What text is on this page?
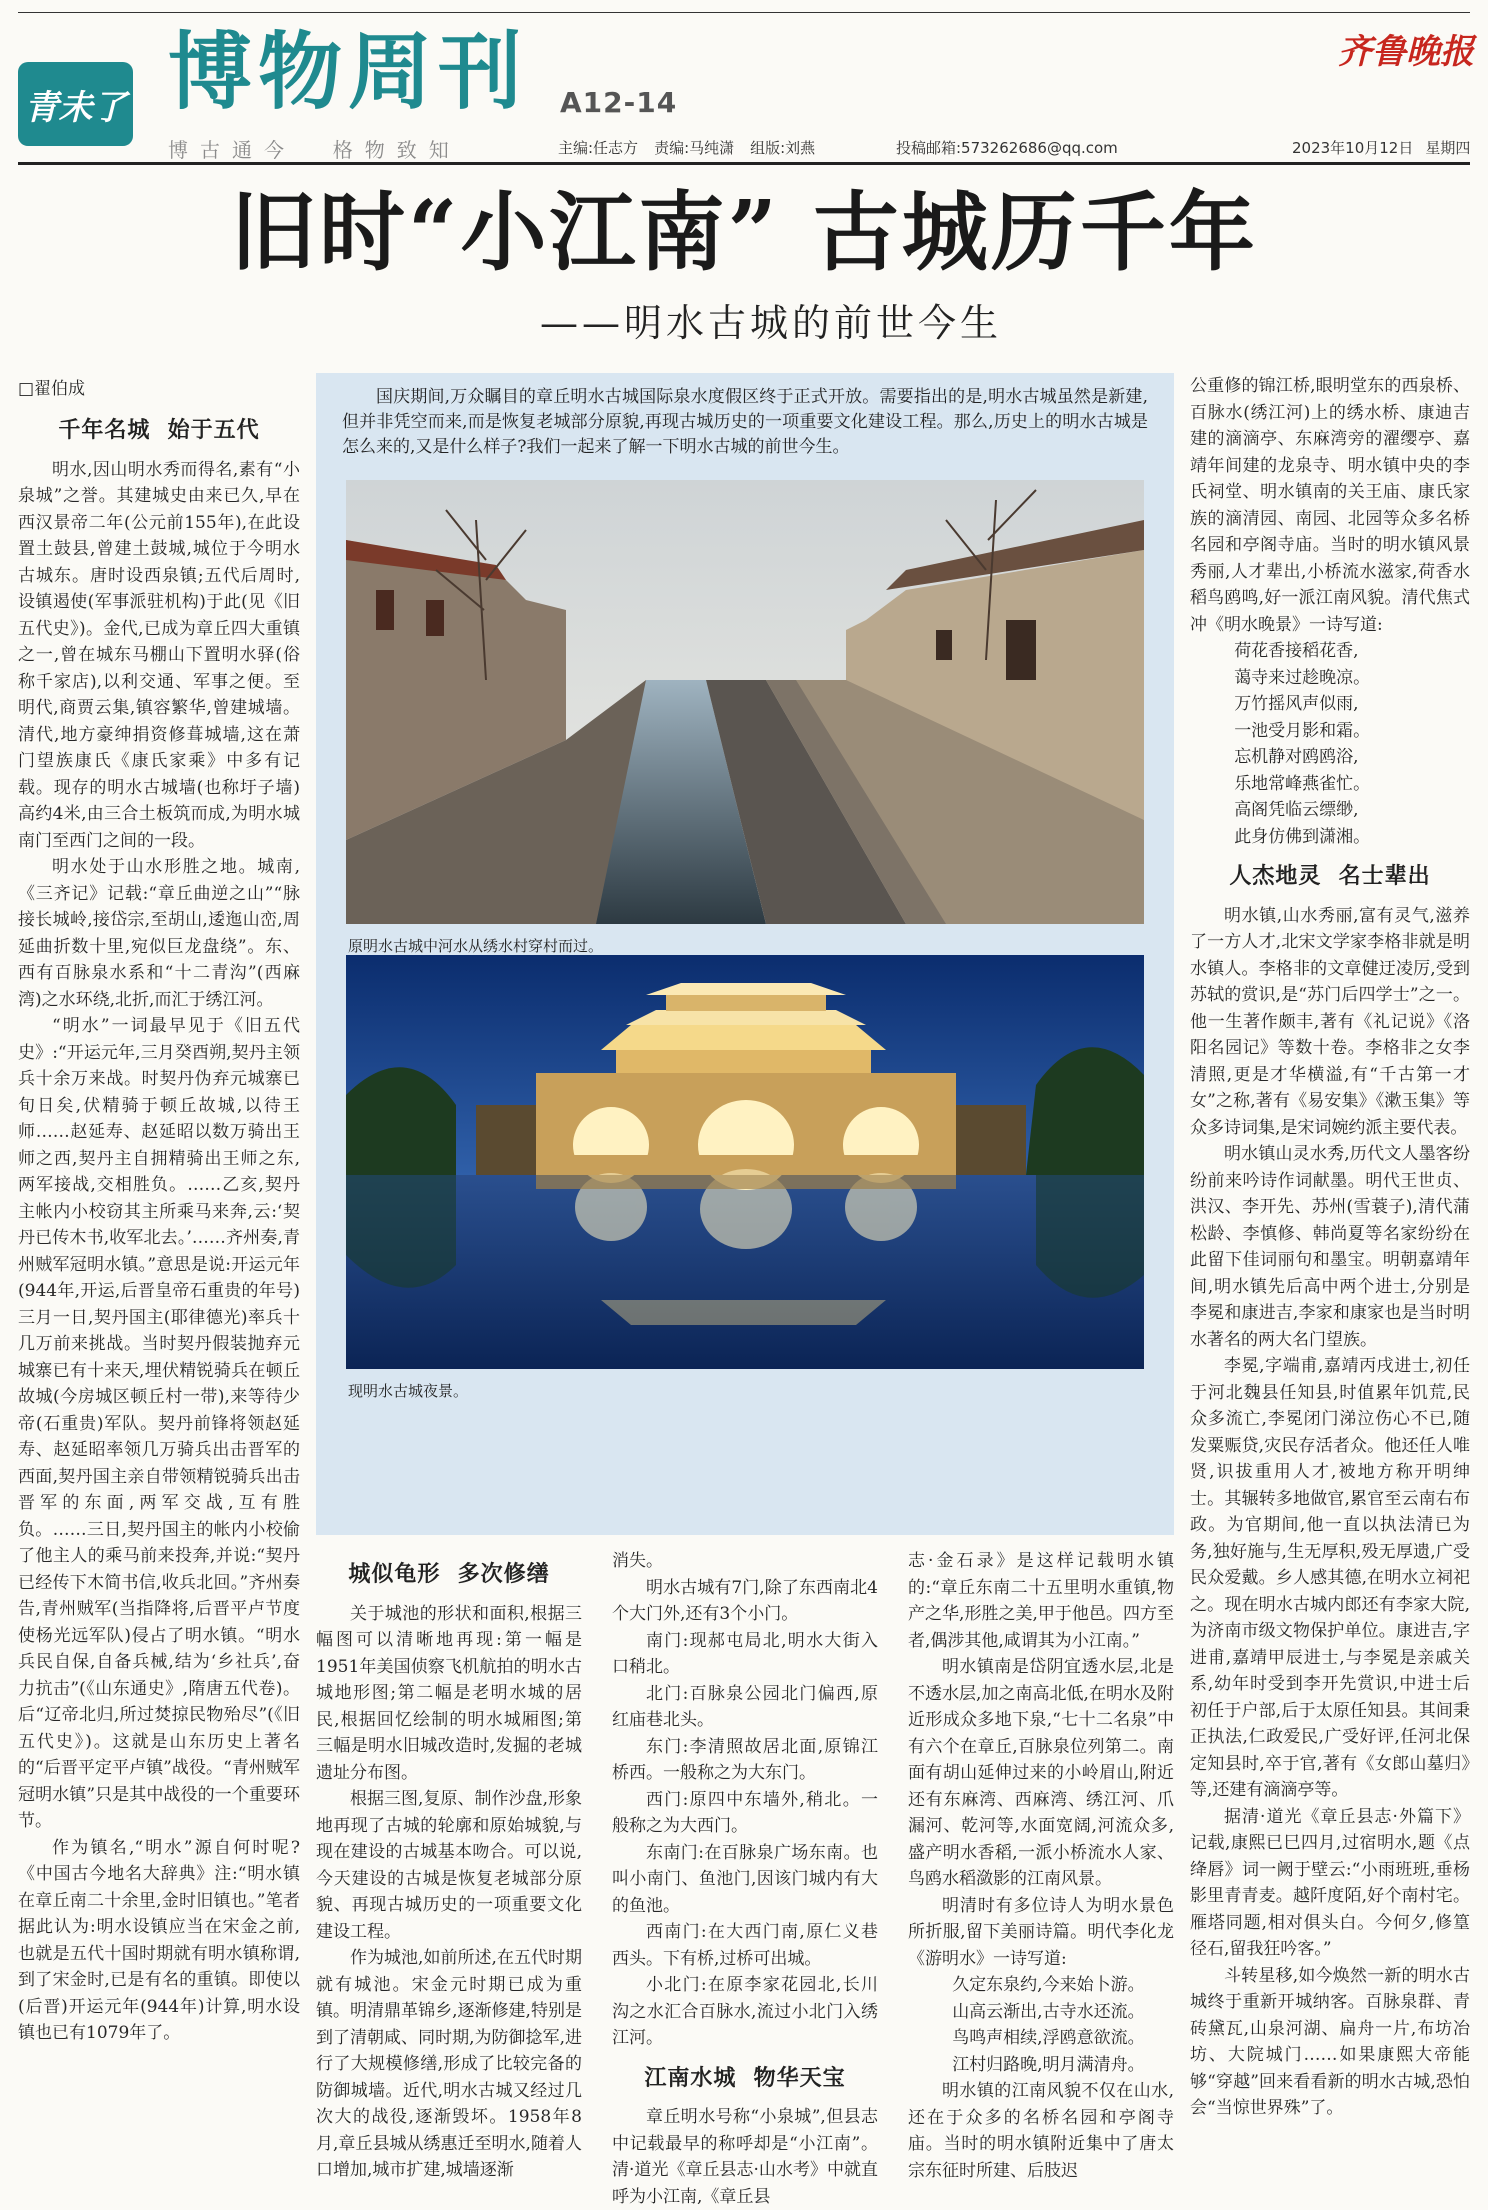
青未了 博物周刊 A12-14
博古通今  格物致知
齐鲁晚报
主编:任志方 责编:马纯潇 组版:刘燕	投稿邮箱:573262686@qq.com	2023年10月12日 星期四
旧时“小江南” 古城历千年
——明水古城的前世今生
□翟伯成	国庆期间,万众瞩目的章丘明水古城国际泉水度假区终于正式开放。需要指出的是,明水古城虽然是新建,但并非凭空而来,而是恢复老城部分原貌,再现古城历史的一项重要文化建设工程。那么,历史上的明水古城是怎么来的,又是什么样子?我们一起来了解一下明水古城的前世今生。
原明水古城中河水从绣水村穿村而过。
现明水古城夜景。
千年名城  始于五代

明水,因山明水秀而得名,素有“小泉城”之誉。其建城史由来已久,早在西汉景帝二年(公元前155年),在此设置土鼓县,曾建土鼓城,城位于今明水古城东。唐时设西泉镇;五代后周时,设镇遏使(军事派驻机构)于此(见《旧五代史》)。金代,已成为章丘四大重镇之一,曾在城东马棚山下置明水驿(俗称千家店),以利交通、军事之便。至明代,商贾云集,镇容繁华,曾建城墙。清代,地方豪绅捐资修葺城墙,这在萧门望族康氏《康氏家乘》中多有记载。现存的明水古城墙(也称圩子墙)高约4米,由三合土板筑而成,为明水城南门至西门之间的一段。

明水处于山水形胜之地。城南,《三齐记》记载:“章丘曲逆之山”“脉接长城岭,接岱宗,至胡山,逶迤山峦,周延曲折数十里,宛似巨龙盘绕”。东、西有百脉泉水系和“十二青沟”(西麻湾)之水环绕,北折,而汇于绣江河。

“明水”一词最早见于《旧五代史》:“开运元年,三月癸酉朔,契丹主领兵十余万来战。时契丹伪弃元城寨已旬日矣,伏精骑于顿丘故城,以待王师……赵延寿、赵延昭以数万骑出王师之西,契丹主自拥精骑出王师之东,两军接战,交相胜负。……乙亥,契丹主帐内小校窃其主所乘马来奔,云:‘契丹已传木书,收军北去。’……齐州奏,青州贼军冠明水镇。”意思是说:开运元年(944年,开运,后晋皇帝石重贵的年号)三月一日,契丹国主(耶律德光)率兵十几万前来挑战。当时契丹假装抛弃元城寨已有十来天,埋伏精锐骑兵在顿丘故城(今房城区顿丘村一带),来等待少帝(石重贵)军队。契丹前锋将领赵延寿、赵延昭率领几万骑兵出击晋军的西面,契丹国主亲自带领精锐骑兵出击晋军的东面,两军交战,互有胜负。……三日,契丹国主的帐内小校偷了他主人的乘马前来投奔,并说:“契丹已经传下木简书信,收兵北回。”齐州奏告,青州贼军(当指降将,后晋平卢节度使杨光远军队)侵占了明水镇。“明水兵民自保,自备兵械,结为‘乡社兵’,奋力抗击”(《山东通史》,隋唐五代卷)。后“辽帝北归,所过焚掠民物殆尽”(《旧五代史》)。这就是山东历史上著名的“后晋平定平卢镇”战役。“青州贼军冠明水镇”只是其中战役的一个重要环节。

作为镇名,“明水”源自何时呢?《中国古今地名大辞典》注:“明水镇在章丘南二十余里,金时旧镇也。”笔者据此认为:明水设镇应当在宋金之前,也就是五代十国时期就有明水镇称谓,到了宋金时,已是有名的重镇。即使以(后晋)开运元年(944年)计算,明水设镇也已有1079年了。

城似龟形  多次修缮

关于城池的形状和面积,根据三幅图可以清晰地再现:第一幅是1951年美国侦察飞机航拍的明水古城地形图;第二幅是老明水城的居民,根据回忆绘制的明水城厢图;第三幅是明水旧城改造时,发掘的老城遗址分布图。

根据三图,复原、制作沙盘,形象地再现了古城的轮廓和原始城貌,与现在建设的古城基本吻合。可以说,今天建设的古城是恢复老城部分原貌、再现古城历史的一项重要文化建设工程。

作为城池,如前所述,在五代时期就有城池。宋金元时期已成为重镇。明清鼎革锦乡,逐渐修建,特别是到了清朝咸、同时期,为防御捻军,进行了大规模修缮,形成了比较完备的防御城墙。近代,明水古城又经过几次大的战役,逐渐毁坏。1958年8月,章丘县城从绣惠迁至明水,随着人口增加,城市扩建,城墙逐渐

消失。

明水古城有7门,除了东西南北4个大门外,还有3个小门。

南门:现郝屯局北,明水大街入口稍北。

北门:百脉泉公园北门偏西,原红庙巷北头。

东门:李清照故居北面,原锦江桥西。一般称之为大东门。

西门:原四中东墙外,稍北。一般称之为大西门。

东南门:在百脉泉广场东南。也叫小南门、鱼池门,因该门城内有大的鱼池。

西南门:在大西门南,原仁义巷西头。下有桥,过桥可出城。

小北门:在原李家花园北,长川沟之水汇合百脉水,流过小北门入绣江河。

江南水城  物华天宝

章丘明水号称“小泉城”,但县志中记载最早的称呼却是“小江南”。清·道光《章丘县志·山水考》中就直呼为小江南,《章丘县

志·金石录》是这样记载明水镇的:“章丘东南二十五里明水重镇,物产之华,形胜之美,甲于他邑。四方至者,偶涉其他,咸谓其为小江南。”

明水镇南是岱阴宜透水层,北是不透水层,加之南高北低,在明水及附近形成众多地下泉,“七十二名泉”中有六个在章丘,百脉泉位列第二。南面有胡山延伸过来的小岭眉山,附近还有东麻湾、西麻湾、绣江河、爪漏河、乾河等,水面宽阔,河流众多,盛产明水香稻,一派小桥流水人家、鸟鸥水稻潋影的江南风景。

明清时有多位诗人为明水景色所折服,留下美丽诗篇。明代李化龙《游明水》一诗写道:

久定东泉约,今来始卜游。

山高云渐出,古寺水还流。

鸟鸣声相续,浮鸥意欲流。

江村归路晚,明月满清舟。

明水镇的江南风貌不仅在山水,还在于众多的名桥名园和亭阁寺庙。当时的明水镇附近集中了唐太宗东征时所建、后肢迟

公重修的锦江桥,眼明堂东的西泉桥、百脉水(绣江河)上的绣水桥、康迪吉建的滴滴亭、东麻湾旁的濯缨亭、嘉靖年间建的龙泉寺、明水镇中央的李氏祠堂、明水镇南的关王庙、康氏家族的滴清园、南园、北园等众多名桥名园和亭阁寺庙。当时的明水镇风景秀丽,人才辈出,小桥流水滋家,荷香水稻鸟鸥鸣,好一派江南风貌。清代焦式冲《明水晚景》一诗写道:

荷花香接稻花香,

蔼寺来过趁晚凉。

万竹摇风声似雨,

一池受月影和霜。

忘机静对鸥鸥浴,

乐地常峰燕雀忙。

高阁凭临云缥缈,

此身仿佛到潇湘。

人杰地灵  名士辈出

明水镇,山水秀丽,富有灵气,滋养了一方人才,北宋文学家李格非就是明水镇人。李格非的文章健迂凌厉,受到苏轼的赏识,是“苏门后四学士”之一。他一生著作颇丰,著有《礼记说》《洛阳名园记》等数十卷。李格非之女李清照,更是才华横溢,有“千古第一才女”之称,著有《易安集》《漱玉集》等众多诗词集,是宋词婉约派主要代表。

明水镇山灵水秀,历代文人墨客纷纷前来吟诗作词献墨。明代王世贞、洪汉、李开先、苏州(雪蓑子),清代蒲松龄、李慎修、韩尚夏等名家纷纷在此留下佳词丽句和墨宝。明朝嘉靖年间,明水镇先后高中两个进士,分别是李冕和康进吉,李家和康家也是当时明水著名的两大名门望族。

李冕,字端甫,嘉靖丙戌进士,初任于河北魏县任知县,时值累年饥荒,民众多流亡,李冕闭门涕泣伤心不已,随发粟赈贷,灾民存活者众。他还任人唯贤,识拔重用人才,被地方称开明绅士。其辗转多地做官,累官至云南右布政。为官期间,他一直以执法清已为务,独好施与,生无厚积,殁无厚遗,广受民众爱戴。乡人感其德,在明水立祠祀之。现在明水古城内郎还有李家大院,为济南市级文物保护单位。康进吉,字进甫,嘉靖甲辰进士,与李冕是亲戚关系,幼年时受到李开先赏识,中进士后初任于户部,后于太原任知县。其间秉正执法,仁政爱民,广受好评,任河北保定知县时,卒于官,著有《女郎山墓归》等,还建有滴滴亭等。

据清·道光《章丘县志·外篇下》记载,康熙已巳四月,过宿明水,题《点绛唇》词一阙于壁云:“小雨班班,垂杨影里青青麦。越阡度陌,好个南村宅。雁塔同题,相对俱头白。今何夕,修篁径石,留我狂吟客。”

斗转星移,如今焕然一新的明水古城终于重新开城纳客。百脉泉群、青砖黛瓦,山泉河湖、扁舟一片,布坊冶坊、大院城门……如果康熙大帝能够“穿越”回来看看新的明水古城,恐怕会“当惊世界殊”了。
